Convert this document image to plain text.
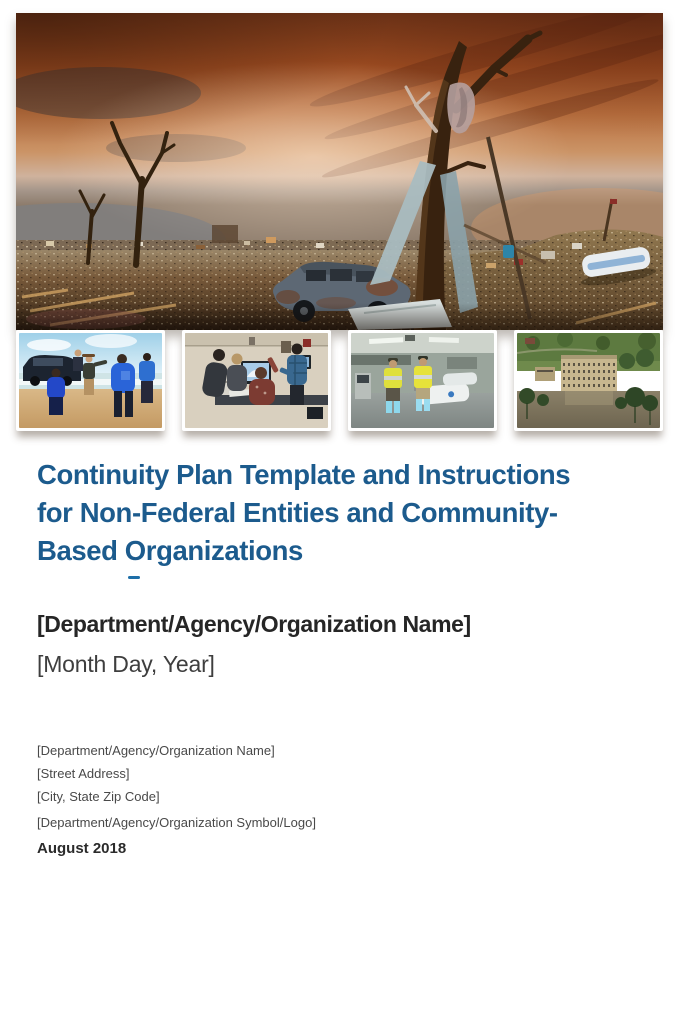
Continuity Plan Template and Instructions
for Non-Federal Entities and Community-
Based Organizations
[Department/Agency/Organization Name]
[Month Day, Year]
[Department/Agency/Organization Name]
[Street Address]
[City, State Zip Code]
[Department/Agency/Organization Symbol/Logo]
August 2018
